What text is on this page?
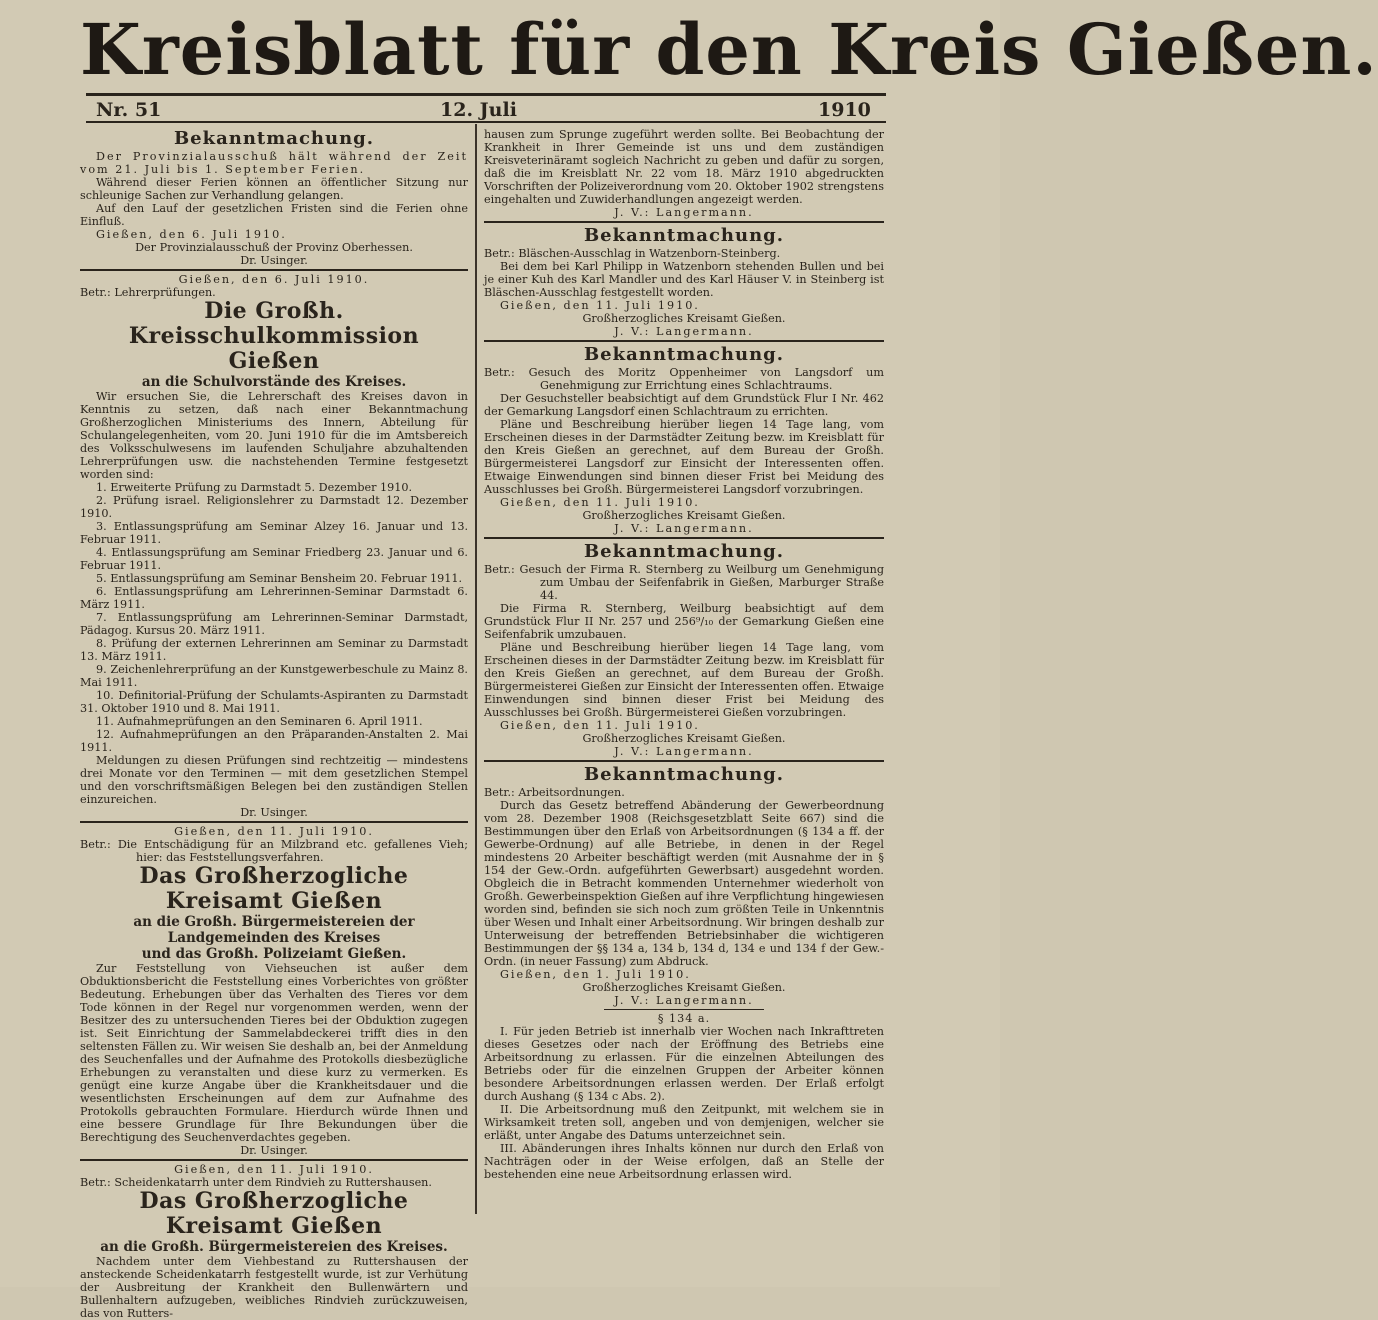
Kreisblatt für den Kreis Gießen.
Nr. 51	12. Juli	1910
Bekanntmachung.

Der Provinzialausschuß hält während der Zeit vom 21. Juli bis 1. September Ferien.

Während dieser Ferien können an öffentlicher Sitzung nur schleunige Sachen zur Verhandlung gelangen.

Auf den Lauf der gesetzlichen Fristen sind die Ferien ohne Einfluß.

Gießen, den 6. Juli 1910.

Der Provinzialausschuß der Provinz Oberhessen.

Dr. Usinger.

Gießen, den 6. Juli 1910.

Betr.: Lehrerprüfungen.

Die Großh. Kreisschulkommission Gießen
an die Schulvorstände des Kreises.

Wir ersuchen Sie, die Lehrerschaft des Kreises davon in Kenntnis zu setzen, daß nach einer Bekanntmachung Großherzoglichen Ministeriums des Innern, Abteilung für Schulangelegenheiten, vom 20. Juni 1910 für die im Amtsbereich des Volksschulwesens im laufenden Schuljahre abzuhaltenden Lehrerprüfungen usw. die nachstehenden Termine festgesetzt worden sind:

1. Erweiterte Prüfung zu Darmstadt 5. Dezember 1910.

2. Prüfung israel. Religionslehrer zu Darmstadt 12. Dezember 1910.

3. Entlassungsprüfung am Seminar Alzey 16. Januar und 13. Februar 1911.

4. Entlassungsprüfung am Seminar Friedberg 23. Januar und 6. Februar 1911.

5. Entlassungsprüfung am Seminar Bensheim 20. Februar 1911.

6. Entlassungsprüfung am Lehrerinnen-Seminar Darmstadt 6. März 1911.

7. Entlassungsprüfung am Lehrerinnen-Seminar Darmstadt, Pädagog. Kursus 20. März 1911.

8. Prüfung der externen Lehrerinnen am Seminar zu Darmstadt 13. März 1911.

9. Zeichenlehrerprüfung an der Kunstgewerbeschule zu Mainz 8. Mai 1911.

10. Definitorial-Prüfung der Schulamts-Aspiranten zu Darmstadt 31. Oktober 1910 und 8. Mai 1911.

11. Aufnahmeprüfungen an den Seminaren 6. April 1911.

12. Aufnahmeprüfungen an den Präparanden-Anstalten 2. Mai 1911.

Meldungen zu diesen Prüfungen sind rechtzeitig — mindestens drei Monate vor den Terminen — mit dem gesetzlichen Stempel und den vorschriftsmäßigen Belegen bei den zuständigen Stellen einzureichen.

Dr. Usinger.

Gießen, den 11. Juli 1910.

Betr.: Die Entschädigung für an Milzbrand etc. gefallenes Vieh; hier: das Feststellungsverfahren.

Das Großherzogliche Kreisamt Gießen
an die Großh. Bürgermeistereien der Landgemeinden des Kreises
und das Großh. Polizeiamt Gießen.

Zur Feststellung von Viehseuchen ist außer dem Obduktionsbericht die Feststellung eines Vorberichtes von größter Bedeutung. Erhebungen über das Verhalten des Tieres vor dem Tode können in der Regel nur vorgenommen werden, wenn der Besitzer des zu untersuchenden Tieres bei der Obduktion zugegen ist. Seit Einrichtung der Sammelabdeckerei trifft dies in den seltensten Fällen zu. Wir weisen Sie deshalb an, bei der Anmeldung des Seuchenfalles und der Aufnahme des Protokolls diesbezügliche Erhebungen zu veranstalten und diese kurz zu vermerken. Es genügt eine kurze Angabe über die Krankheitsdauer und die wesentlichsten Erscheinungen auf dem zur Aufnahme des Protokolls gebrauchten Formulare. Hierdurch würde Ihnen und eine bessere Grundlage für Ihre Bekundungen über die Berechtigung des Seuchenverdachtes gegeben.

Dr. Usinger.

Gießen, den 11. Juli 1910.

Betr.: Scheidenkatarrh unter dem Rindvieh zu Ruttershausen.

Das Großherzogliche Kreisamt Gießen
an die Großh. Bürgermeistereien des Kreises.

Nachdem unter dem Viehbestand zu Ruttershausen der ansteckende Scheidenkatarrh festgestellt wurde, ist zur Verhütung der Ausbreitung der Krankheit den Bullenwärtern und Bullenhaltern aufzugeben, weibliches Rindvieh zurückzuweisen, das von Rutters-

hausen zum Sprunge zugeführt werden sollte. Bei Beobachtung der Krankheit in Ihrer Gemeinde ist uns und dem zuständigen Kreisveterinäramt sogleich Nachricht zu geben und dafür zu sorgen, daß die im Kreisblatt Nr. 22 vom 18. März 1910 abgedruckten Vorschriften der Polizeiverordnung vom 20. Oktober 1902 strengstens eingehalten und Zuwiderhandlungen angezeigt werden.

J. V.: Langermann.

Bekanntmachung.

Betr.: Bläschen-Ausschlag in Watzenborn-Steinberg.

Bei dem bei Karl Philipp in Watzenborn stehenden Bullen und bei je einer Kuh des Karl Mandler und des Karl Häuser V. in Steinberg ist Bläschen-Ausschlag festgestellt worden.

Gießen, den 11. Juli 1910.

Großherzogliches Kreisamt Gießen.

J. V.: Langermann.

Bekanntmachung.

Betr.: Gesuch des Moritz Oppenheimer von Langsdorf um Genehmigung zur Errichtung eines Schlachtraums.

Der Gesuchsteller beabsichtigt auf dem Grundstück Flur I Nr. 462 der Gemarkung Langsdorf einen Schlachtraum zu errichten.

Pläne und Beschreibung hierüber liegen 14 Tage lang, vom Erscheinen dieses in der Darmstädter Zeitung bezw. im Kreisblatt für den Kreis Gießen an gerechnet, auf dem Bureau der Großh. Bürgermeisterei Langsdorf zur Einsicht der Interessenten offen. Etwaige Einwendungen sind binnen dieser Frist bei Meidung des Ausschlusses bei Großh. Bürgermeisterei Langsdorf vorzubringen.

Gießen, den 11. Juli 1910.

Großherzogliches Kreisamt Gießen.

J. V.: Langermann.

Bekanntmachung.

Betr.: Gesuch der Firma R. Sternberg zu Weilburg um Genehmigung zum Umbau der Seifenfabrik in Gießen, Marburger Straße 44.

Die Firma R. Sternberg, Weilburg beabsichtigt auf dem Grundstück Flur II Nr. 257 und 256⁹/₁₀ der Gemarkung Gießen eine Seifenfabrik umzubauen.

Pläne und Beschreibung hierüber liegen 14 Tage lang, vom Erscheinen dieses in der Darmstädter Zeitung bezw. im Kreisblatt für den Kreis Gießen an gerechnet, auf dem Bureau der Großh. Bürgermeisterei Gießen zur Einsicht der Interessenten offen. Etwaige Einwendungen sind binnen dieser Frist bei Meidung des Ausschlusses bei Großh. Bürgermeisterei Gießen vorzubringen.

Gießen, den 11. Juli 1910.

Großherzogliches Kreisamt Gießen.

J. V.: Langermann.

Bekanntmachung.

Betr.: Arbeitsordnungen.

Durch das Gesetz betreffend Abänderung der Gewerbeordnung vom 28. Dezember 1908 (Reichsgesetzblatt Seite 667) sind die Bestimmungen über den Erlaß von Arbeitsordnungen (§ 134 a ff. der Gewerbe-Ordnung) auf alle Betriebe, in denen in der Regel mindestens 20 Arbeiter beschäftigt werden (mit Ausnahme der in § 154 der Gew.-Ordn. aufgeführten Gewerbsart) ausgedehnt worden. Obgleich die in Betracht kommenden Unternehmer wiederholt von Großh. Gewerbeinspektion Gießen auf ihre Verpflichtung hingewiesen worden sind, befinden sie sich noch zum größten Teile in Unkenntnis über Wesen und Inhalt einer Arbeitsordnung. Wir bringen deshalb zur Unterweisung der betreffenden Betriebsinhaber die wichtigeren Bestimmungen der §§ 134 a, 134 b, 134 d, 134 e und 134 f der Gew.-Ordn. (in neuer Fassung) zum Abdruck.

Gießen, den 1. Juli 1910.

Großherzogliches Kreisamt Gießen.

J. V.: Langermann.

§ 134 a.

I. Für jeden Betrieb ist innerhalb vier Wochen nach Inkrafttreten dieses Gesetzes oder nach der Eröffnung des Betriebs eine Arbeitsordnung zu erlassen. Für die einzelnen Abteilungen des Betriebs oder für die einzelnen Gruppen der Arbeiter können besondere Arbeitsordnungen erlassen werden. Der Erlaß erfolgt durch Aushang (§ 134 c Abs. 2).

II. Die Arbeitsordnung muß den Zeitpunkt, mit welchem sie in Wirksamkeit treten soll, angeben und von demjenigen, welcher sie erläßt, unter Angabe des Datums unterzeichnet sein.

III. Abänderungen ihres Inhalts können nur durch den Erlaß von Nachträgen oder in der Weise erfolgen, daß an Stelle der bestehenden eine neue Arbeitsordnung erlassen wird.
